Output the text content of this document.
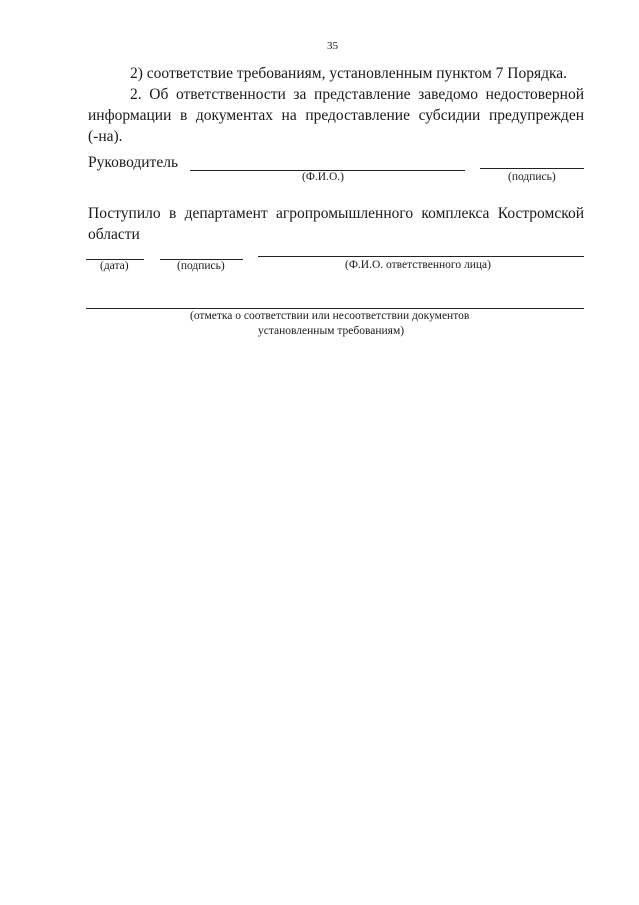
35
2) соответствие требованиям, установленным пунктом 7 Порядка.
2. Об ответственности за представление заведомо недостоверной
информации в документах на предоставление субсидии предупрежден
(-на).
Руководитель
(Ф.И.О.)	(подпись)
Поступило в департамент агропромышленного комплекса Костромской
области
(дата)	(подпись)	(Ф.И.О. ответственного лица)
(отметка о соответствии или несоответствии документов
установленным требованиям)
